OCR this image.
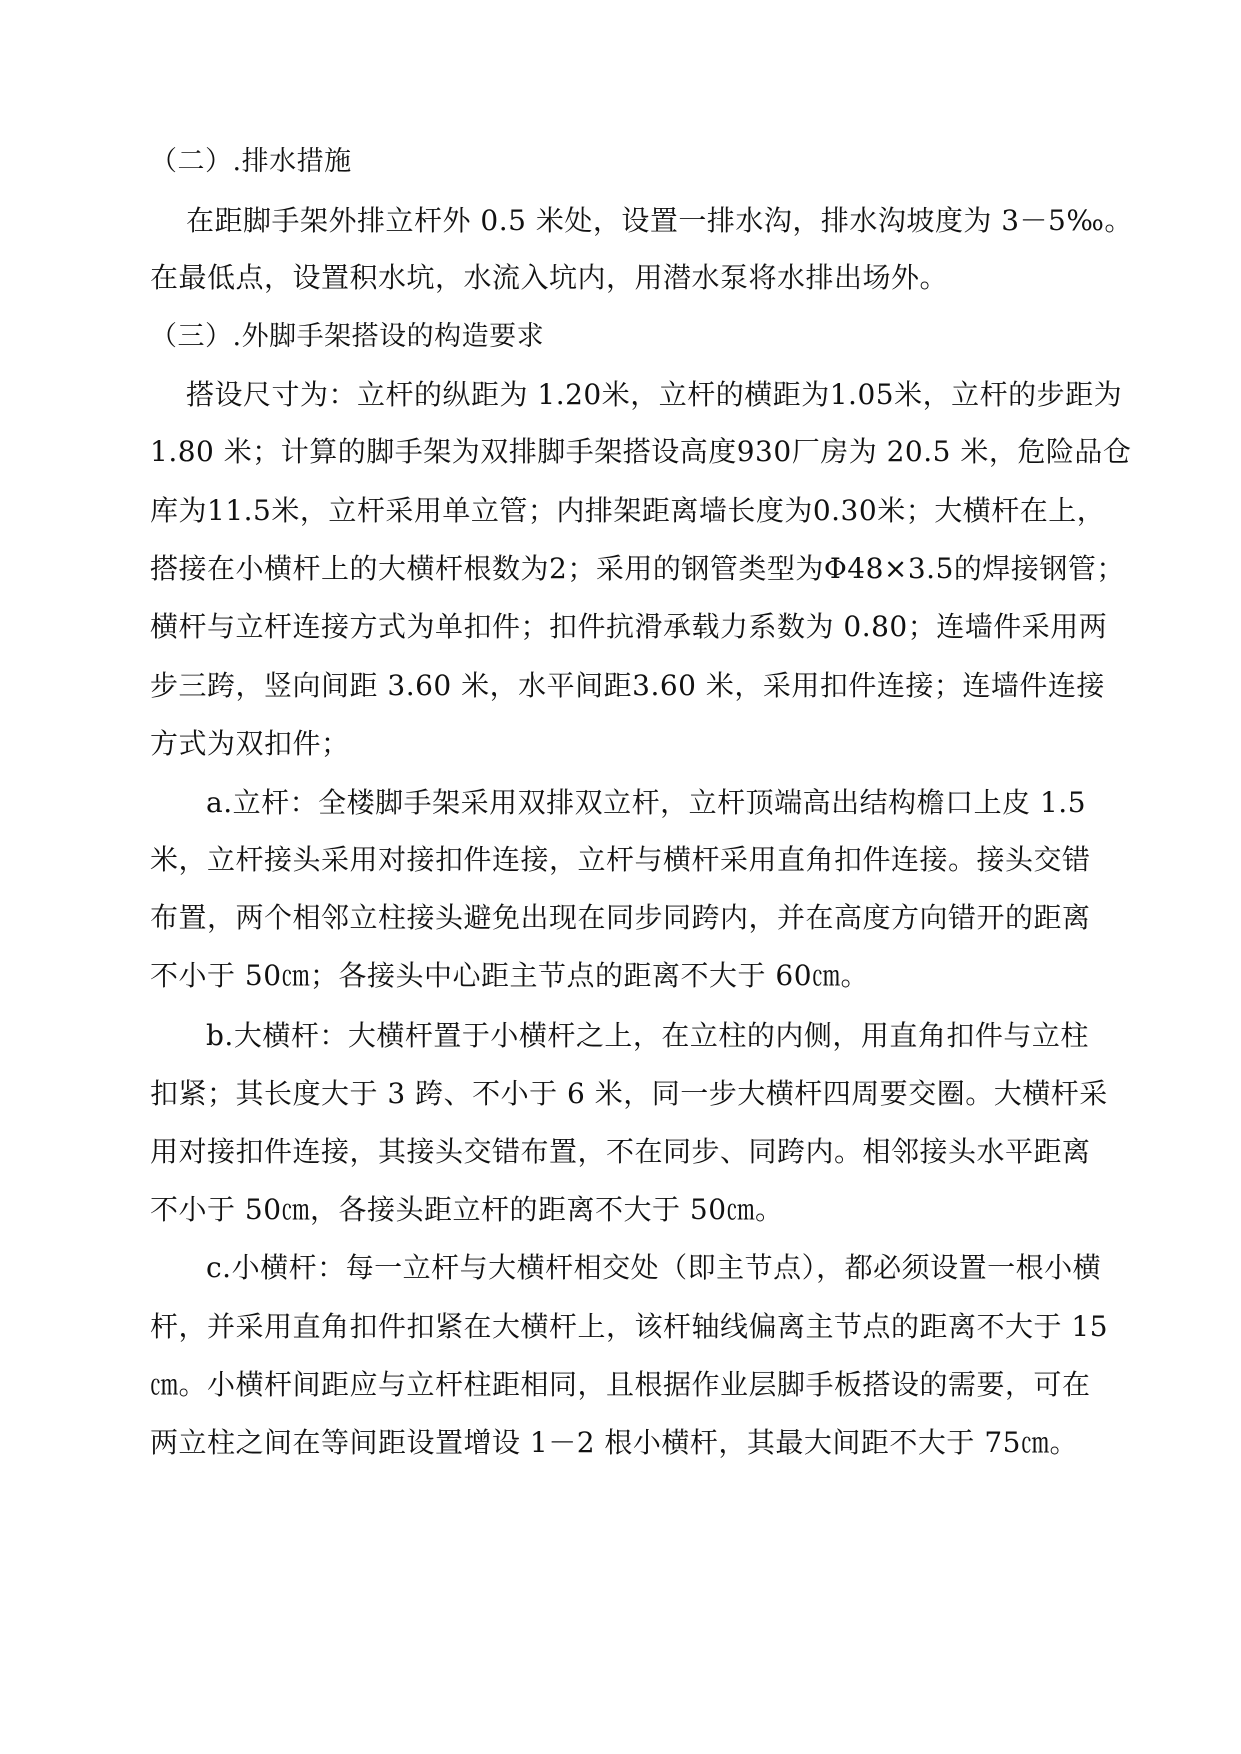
（二）.排水措施
在距脚手架外排立杆外 0.5 米处，设置一排水沟，排水沟坡度为 3－5‰。
在最低点，设置积水坑，水流入坑内，用潜水泵将水排出场外。
（三）.外脚手架搭设的构造要求
搭设尺寸为：立杆的纵距为 1.20米，立杆的横距为1.05米，立杆的步距为
1.80 米；计算的脚手架为双排脚手架搭设高度930厂房为 20.5 米，危险品仓
库为11.5米，立杆采用单立管；内排架距离墙长度为0.30米；大横杆在上，
搭接在小横杆上的大横杆根数为2；采用的钢管类型为Φ48×3.5的焊接钢管；
横杆与立杆连接方式为单扣件；扣件抗滑承载力系数为 0.80；连墙件采用两
步三跨，竖向间距 3.60 米，水平间距3.60 米，采用扣件连接；连墙件连接
方式为双扣件；
a.立杆：全楼脚手架采用双排双立杆，立杆顶端高出结构檐口上皮 1.5
米，立杆接头采用对接扣件连接，立杆与横杆采用直角扣件连接。接头交错
布置，两个相邻立柱接头避免出现在同步同跨内，并在高度方向错开的距离
不小于 50㎝；各接头中心距主节点的距离不大于 60㎝。
b.大横杆：大横杆置于小横杆之上，在立柱的内侧，用直角扣件与立柱
扣紧；其长度大于 3 跨、不小于 6 米，同一步大横杆四周要交圈。大横杆采
用对接扣件连接，其接头交错布置，不在同步、同跨内。相邻接头水平距离
不小于 50㎝，各接头距立杆的距离不大于 50㎝。
c.小横杆：每一立杆与大横杆相交处（即主节点），都必须设置一根小横
杆，并采用直角扣件扣紧在大横杆上，该杆轴线偏离主节点的距离不大于 15
㎝。小横杆间距应与立杆柱距相同，且根据作业层脚手板搭设的需要，可在
两立柱之间在等间距设置增设 1－2 根小横杆，其最大间距不大于 75㎝。
